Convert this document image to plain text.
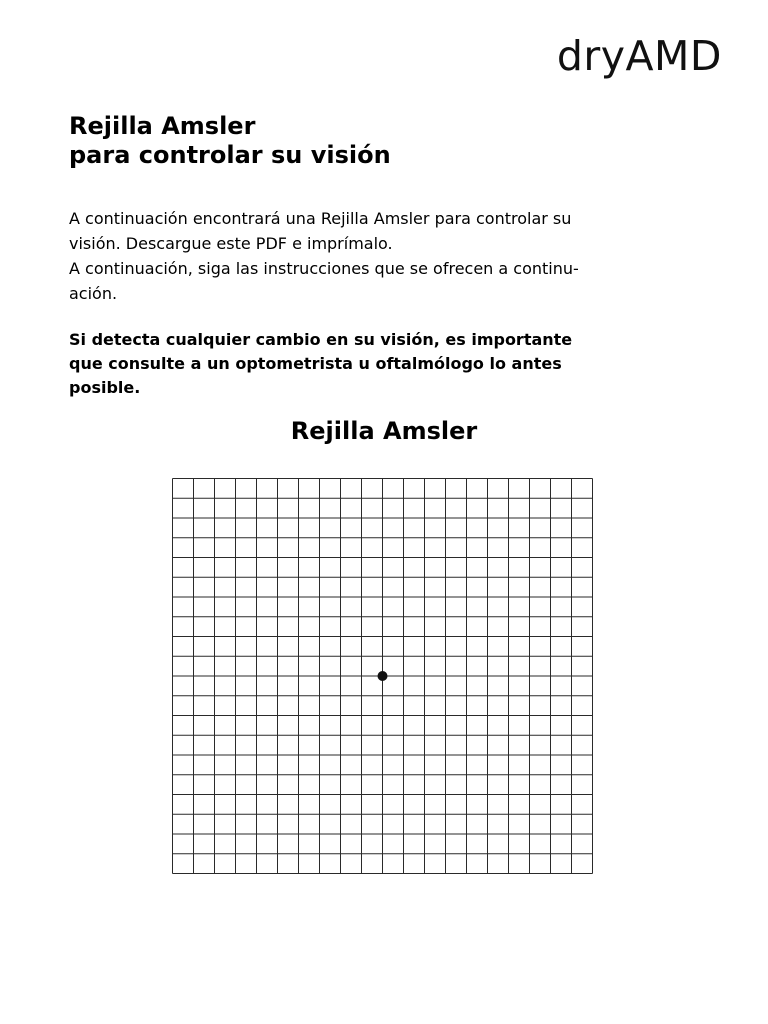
dryAMD
Rejilla Amsler
para controlar su visión

A continuación encontrará una Rejilla Amsler para controlar su
visión. Descargue este PDF e imprímalo.
A continuación, siga las instrucciones que se ofrecen a continu-
ación.

Si detecta cualquier cambio en su visión, es importante
que consulte a un optometrista u oftalmólogo lo antes
posible.

Rejilla Amsler
